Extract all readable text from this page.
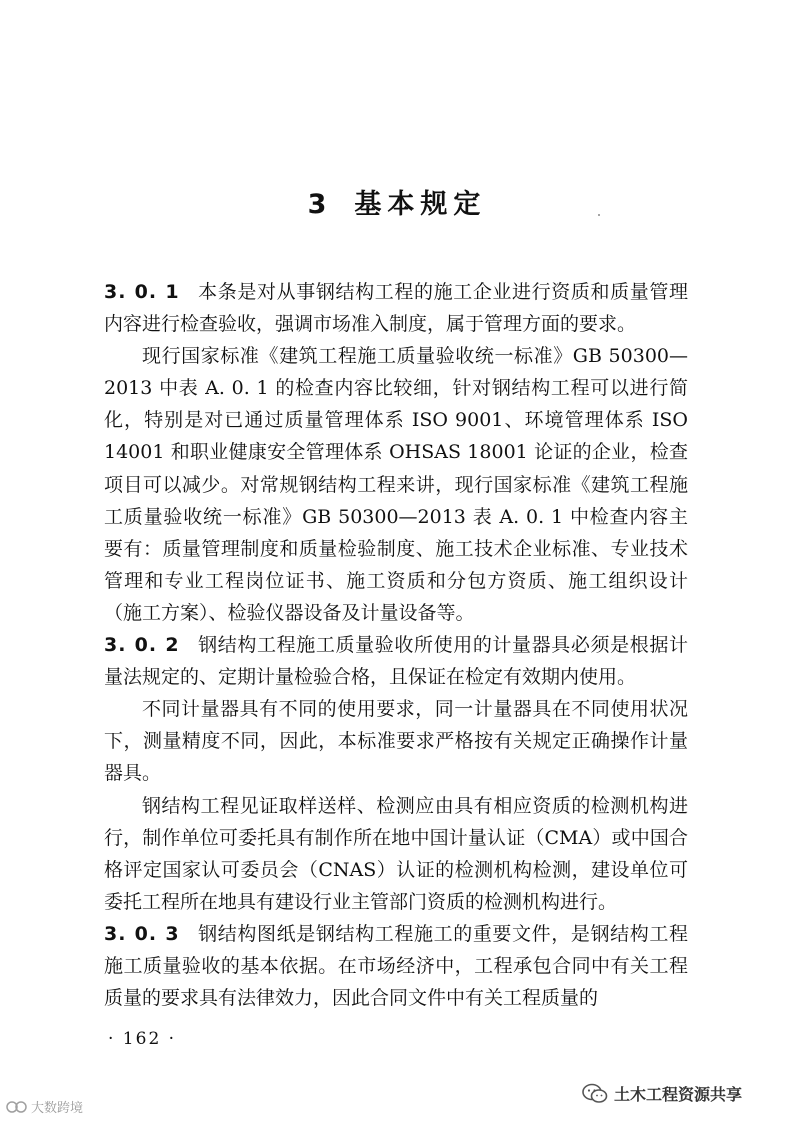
3 基本规定

3. 0. 1 本条是对从事钢结构工程的施工企业进行资质和质量管理内容进行检查验收，强调市场准入制度，属于管理方面的要求。

现行国家标准《建筑工程施工质量验收统一标准》GB 50300—2013 中表 A. 0. 1 的检查内容比较细，针对钢结构工程可以进行简化，特别是对已通过质量管理体系 ISO 9001、环境管理体系 ISO 14001 和职业健康安全管理体系 OHSAS 18001 论证的企业，检查项目可以减少。对常规钢结构工程来讲，现行国家标准《建筑工程施工质量验收统一标准》GB 50300—2013 表 A. 0. 1 中检查内容主要有：质量管理制度和质量检验制度、施工技术企业标准、专业技术管理和专业工程岗位证书、施工资质和分包方资质、施工组织设计（施工方案）、检验仪器设备及计量设备等。

3. 0. 2 钢结构工程施工质量验收所使用的计量器具必须是根据计量法规定的、定期计量检验合格，且保证在检定有效期内使用。

不同计量器具有不同的使用要求，同一计量器具在不同使用状况下，测量精度不同，因此，本标准要求严格按有关规定正确操作计量器具。

钢结构工程见证取样送样、检测应由具有相应资质的检测机构进行，制作单位可委托具有制作所在地中国计量认证（CMA）或中国合格评定国家认可委员会（CNAS）认证的检测机构检测，建设单位可委托工程所在地具有建设行业主管部门资质的检测机构进行。

3. 0. 3 钢结构图纸是钢结构工程施工的重要文件，是钢结构工程施工质量验收的基本依据。在市场经济中，工程承包合同中有关工程质量的要求具有法律效力，因此合同文件中有关工程质量的

· 162 ·
大数跨境
土木工程资源共享
